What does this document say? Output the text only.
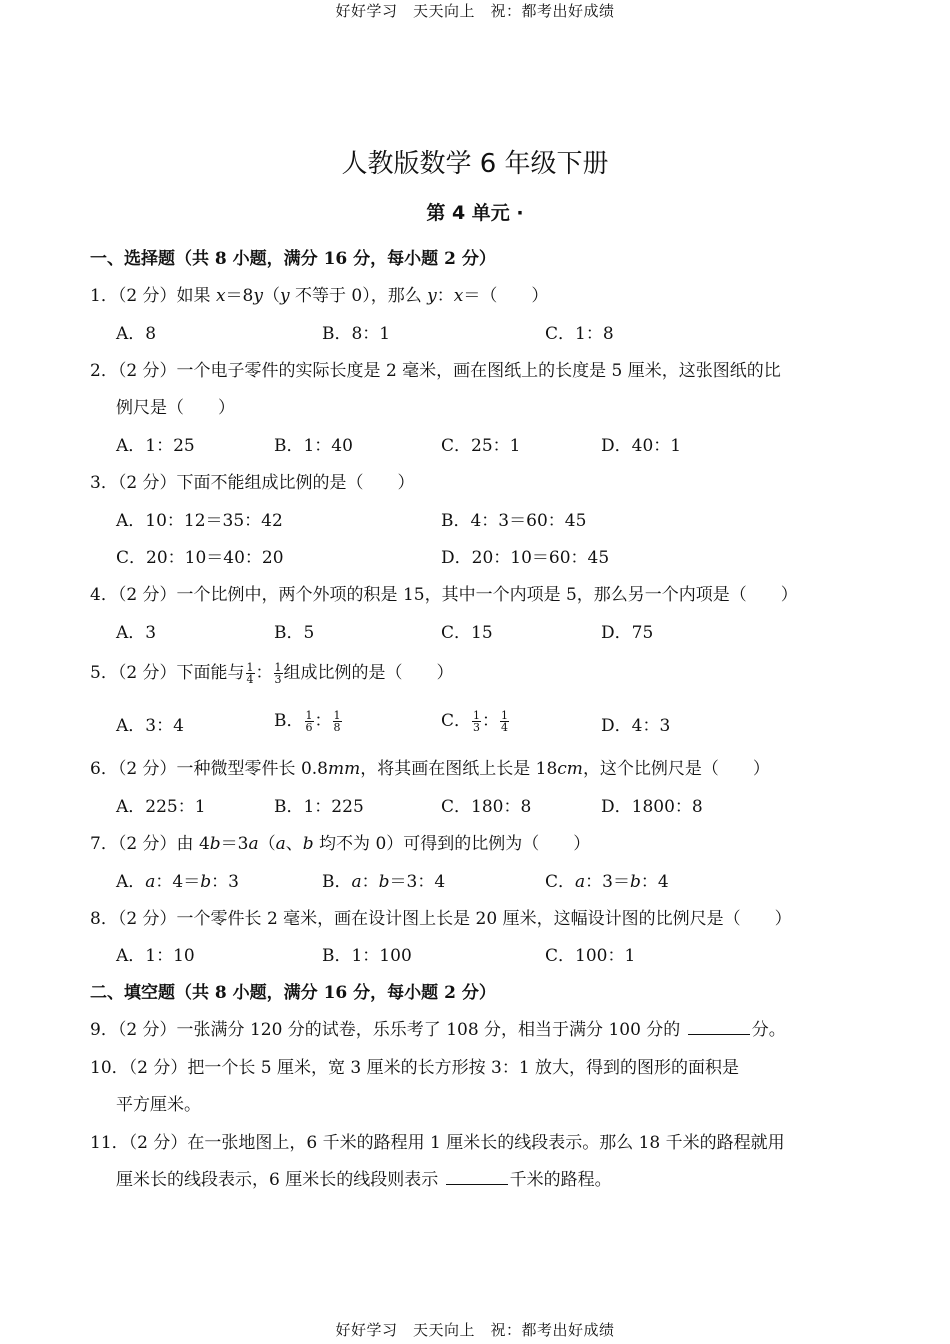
好好学习　天天向上　祝：都考出好成绩
人教版数学 6 年级下册
第 4 单元 ·
一、选择题（共 8 小题，满分 16 分，每小题 2 分）
1．（2 分）如果 x＝8y（y 不等于 0），那么 y：x＝（　　）
A．8	B．8：1	C．1：8
2．（2 分）一个电子零件的实际长度是 2 毫米，画在图纸上的长度是 5 厘米，这张图纸的比
例尺是（　　）
A．1：25	B．1：40	C．25：1	D．40：1
3．（2 分）下面不能组成比例的是（　　）
A．10：12＝35：42	B．4：3＝60：45
C．20：10＝40：20	D．20：10＝60：45
4．（2 分）一个比例中，两个外项的积是 15，其中一个内项是 5，那么另一个内项是（　　）
A．3	B．5	C．15	D．75
5．（2 分）下面能与 $\frac{1}{4}$ ： $\frac{1}{3}$ 组成比例的是（　　）
A．3：4	B． $\frac{1}{6}$ ： $\frac{1}{8}$	C． $\frac{1}{3}$ ： $\frac{1}{4}$	D．4：3
6．（2 分）一种微型零件长 0.8mm，将其画在图纸上长是 18cm，这个比例尺是（　　）
A．225：1	B．1：225	C．180：8	D．1800：8
7．（2 分）由 4b＝3a（a、b 均不为 0）可得到的比例为（　　）
A．a：4＝b：3	B．a：b＝3：4	C．a：3＝b：4
8．（2 分）一个零件长 2 毫米，画在设计图上长是 20 厘米，这幅设计图的比例尺是（　　）
A．1：10	B．1：100	C．100：1
二、填空题（共 8 小题，满分 16 分，每小题 2 分）
9．（2 分）一张满分 120 分的试卷，乐乐考了 108 分，相当于满分 100 分的	分。
10．（2 分）把一个长 5 厘米，宽 3 厘米的长方形按 3：1 放大，得到的图形的面积是
平方厘米。
11．（2 分）在一张地图上，6 千米的路程用 1 厘米长的线段表示。那么 18 千米的路程就用
厘米长的线段表示，6 厘米长的线段则表示	千米的路程。
好好学习　天天向上　祝：都考出好成绩
